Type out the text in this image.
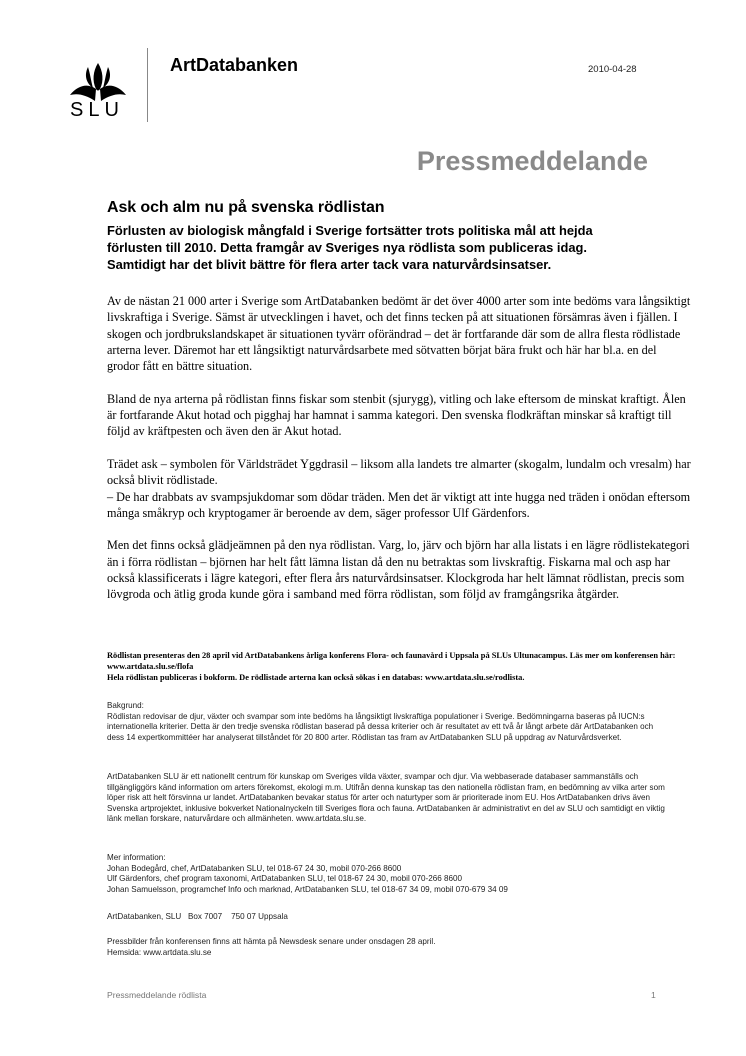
SLU
ArtDatabanken	2010-04-28
Pressmeddelande
Ask och alm nu på svenska rödlistan
Förlusten av biologisk mångfald i Sverige fortsätter trots politiska mål att hejda förlusten till 2010. Detta framgår av Sveriges nya rödlista som publiceras idag. Samtidigt har det blivit bättre för flera arter tack vara naturvårdsinsatser.

Av de nästan 21 000 arter i Sverige som ArtDatabanken bedömt är det över 4000 arter som inte bedöms vara långsiktigt livskraftiga i Sverige. Sämst är utvecklingen i havet, och det finns tecken på att situationen försämras även i fjällen. I skogen och jordbrukslandskapet är situationen tyvärr oförändrad – det är fortfarande där som de allra flesta rödlistade arterna lever. Däremot har ett långsiktigt naturvårdsarbete med sötvatten börjat bära frukt och här har bl.a. en del grodor fått en bättre situation.

Bland de nya arterna på rödlistan finns fiskar som stenbit (sjurygg), vitling och lake eftersom de minskat kraftigt. Ålen är fortfarande Akut hotad och pigghaj har hamnat i samma kategori. Den svenska flodkräftan minskar så kraftigt till följd av kräftpesten och även den är Akut hotad.

Trädet ask – symbolen för Världsträdet Yggdrasil – liksom alla landets tre almarter (skogalm, lundalm och vresalm) har också blivit rödlistade.

– De har drabbats av svampsjukdomar som dödar träden. Men det är viktigt att inte hugga ned träden i onödan eftersom många småkryp och kryptogamer är beroende av dem, säger professor Ulf Gärdenfors.

Men det finns också glädjeämnen på den nya rödlistan. Varg, lo, järv och björn har alla listats i en lägre rödlistekategori än i förra rödlistan – björnen har helt fått lämna listan då den nu betraktas som livskraftig. Fiskarna mal och asp har också klassificerats i lägre kategori, efter flera års naturvårdsinsatser. Klockgroda har helt lämnat rödlistan, precis som lövgroda och ätlig groda kunde göra i samband med förra rödlistan, som följd av framgångsrika åtgärder.

Rödlistan presenteras den 28 april vid ArtDatabankens årliga konferens Flora- och faunavård i Uppsala på SLUs Ultunacampus. Läs mer om konferensen här: www.artdata.slu.se/flofa
Hela rödlistan publiceras i bokform. De rödlistade arterna kan också sökas i en databas: www.artdata.slu.se/rodlista.
Bakgrund:
Rödlistan redovisar de djur, växter och svampar som inte bedöms ha långsiktigt livskraftiga populationer i Sverige. Bedömningarna baseras på IUCN:s internationella kriterier. Detta är den tredje svenska rödlistan baserad på dessa kriterier och är resultatet av ett två år långt arbete där ArtDatabanken och dess 14 expertkommittéer har analyserat tillståndet för 20 800 arter. Rödlistan tas fram av ArtDatabanken SLU på uppdrag av Naturvårdsverket.
ArtDatabanken SLU är ett nationellt centrum för kunskap om Sveriges vilda växter, svampar och djur. Via webbaserade databaser sammanställs och tillgängliggörs känd information om arters förekomst, ekologi m.m. Utifrån denna kunskap tas den nationella rödlistan fram, en bedömning av vilka arter som löper risk att helt försvinna ur landet. ArtDatabanken bevakar status för arter och naturtyper som är prioriterade inom EU. Hos ArtDatabanken drivs även Svenska artprojektet, inklusive bokverket Nationalnyckeln till Sveriges flora och fauna. ArtDatabanken är administrativt en del av SLU och samtidigt en viktig länk mellan forskare, naturvårdare och allmänheten. www.artdata.slu.se.
Mer information:
Johan Bodegård, chef, ArtDatabanken SLU, tel 018-67 24 30, mobil 070-266 8600
Ulf Gärdenfors, chef program taxonomi, ArtDatabanken SLU, tel 018-67 24 30, mobil 070-266 8600
Johan Samuelsson, programchef Info och marknad, ArtDatabanken SLU, tel 018-67 34 09, mobil 070-679 34 09
ArtDatabanken, SLU   Box 7007    750 07 Uppsala
Pressbilder från konferensen finns att hämta på Newsdesk senare under onsdagen 28 april.
Hemsida: www.artdata.slu.se
Pressmeddelande rödlista	1
